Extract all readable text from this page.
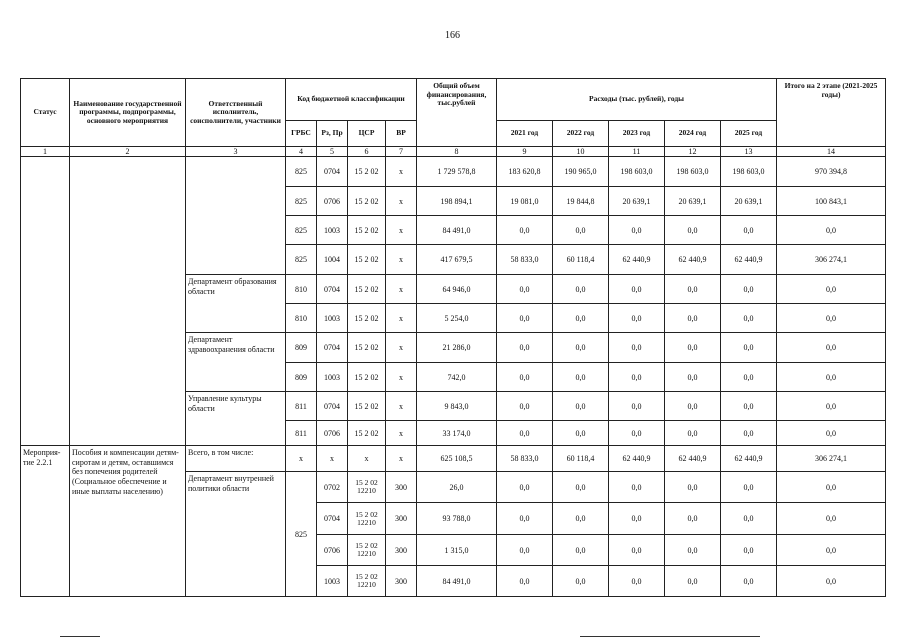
166
Статус	Наименование государственной программы, подпрограммы, основного мероприятия	Ответственный исполнитель, соисполнители, участники	Код бюджетной классификации				Общий объем финансирования, тыс.рублей	Расходы (тыс. рублей), годы					Итого на 2 этапе (2021-2025 годы)
			ГРБС	Рз, Пр	ЦСР	ВР		2021 год	2022 год	2023 год	2024 год	2025 год	
1	2	3	4	5	6	7	8	9	10	11	12	13	14
			825	0704	15 2 02	х	1 729 578,8	183 620,8	190 965,0	198 603,0	198 603,0	198 603,0	970 394,8
			825	0706	15 2 02	х	198 894,1	19 081,0	19 844,8	20 639,1	20 639,1	20 639,1	100 843,1
			825	1003	15 2 02	х	84 491,0	0,0	0,0	0,0	0,0	0,0	0,0
			825	1004	15 2 02	х	417 679,5	58 833,0	60 118,4	62 440,9	62 440,9	62 440,9	306 274,1
		Департамент образования области	810	0704	15 2 02	х	64 946,0	0,0	0,0	0,0	0,0	0,0	0,0
			810	1003	15 2 02	х	5 254,0	0,0	0,0	0,0	0,0	0,0	0,0
		Департамент здравоохранения области	809	0704	15 2 02	х	21 286,0	0,0	0,0	0,0	0,0	0,0	0,0
			809	1003	15 2 02	х	742,0	0,0	0,0	0,0	0,0	0,0	0,0
		Управление культуры области	811	0704	15 2 02	х	9 843,0	0,0	0,0	0,0	0,0	0,0	0,0
			811	0706	15 2 02	х	33 174,0	0,0	0,0	0,0	0,0	0,0	0,0
Мероприя-тие 2.2.1	Пособия и компенсации детям-сиротам и детям, оставшимся без попечения родителей (Социальное обеспечение и иные выплаты населению)	Всего, в том числе:	х	х	х	х	625 108,5	58 833,0	60 118,4	62 440,9	62 440,9	62 440,9	306 274,1
		Департамент внутренней политики области	825	0702	15 2 02 12210	300	26,0	0,0	0,0	0,0	0,0	0,0	0,0
				0704	15 2 02 12210	300	93 788,0	0,0	0,0	0,0	0,0	0,0	0,0
				0706	15 2 02 12210	300	1 315,0	0,0	0,0	0,0	0,0	0,0	0,0
				1003	15 2 02 12210	300	84 491,0	0,0	0,0	0,0	0,0	0,0	0,0
